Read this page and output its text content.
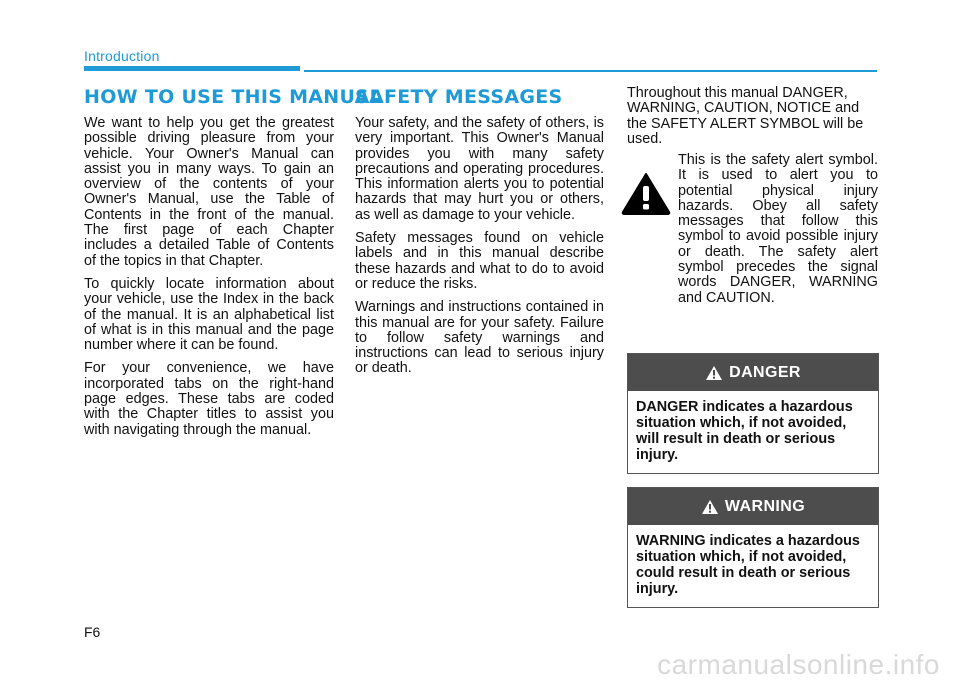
Introduction
HOW TO USE THIS MANUAL

We want to help you get the greatest possible driving pleasure from your vehicle. Your Owner's Manual can assist you in many ways. To gain an overview of the contents of your Owner's Manual, use the Table of Contents in the front of the manual. The first page of each Chapter includes a detailed Table of Contents of the topics in that Chapter.

To quickly locate information about your vehicle, use the Index in the back of the manual. It is an alphabetical list of what is in this manual and the page number where it can be found.

For your convenience, we have incorporated tabs on the right-hand page edges. These tabs are coded with the Chapter titles to assist you with navigating through the manual.

SAFETY MESSAGES

Your safety, and the safety of others, is very important. This Owner's Manual provides you with many safety precautions and operating procedures. This information alerts you to potential hazards that may hurt you or others, as well as damage to your vehicle.

Safety messages found on vehicle labels and in this manual describe these hazards and what to do to avoid or reduce the risks.

Warnings and instructions contained in this manual are for your safety. Failure to follow safety warnings and instructions can lead to serious injury or death.

Throughout this manual DANGER, WARNING, CAUTION, NOTICE and the SAFETY ALERT SYMBOL will be used.
This is the safety alert symbol. It is used to alert you to potential physical injury hazards. Obey all safety messages that follow this symbol to avoid possible injury or death. The safety alert symbol precedes the signal words DANGER, WARNING and CAUTION.
DANGER
DANGER indicates a hazardous situation which, if not avoided, will result in death or serious injury.
WARNING
WARNING indicates a hazardous situation which, if not avoided, could result in death or serious injury.
F6
carmanualsonline.info
